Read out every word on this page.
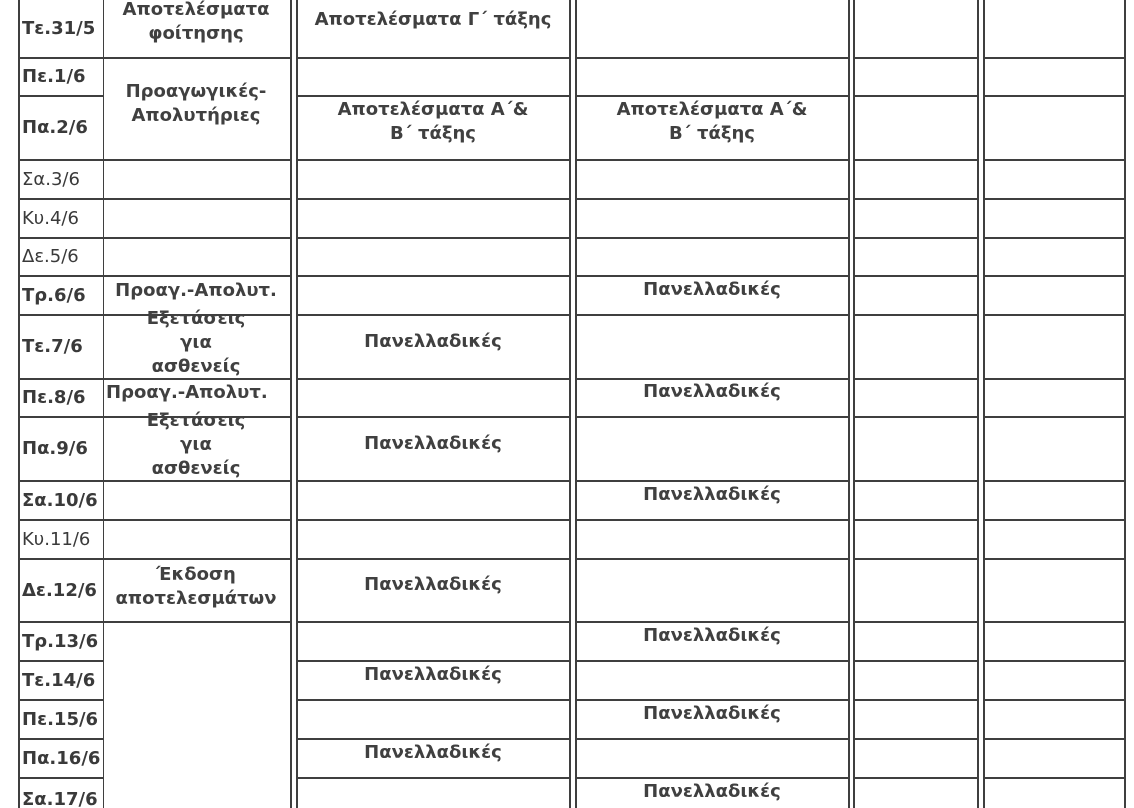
Τε.31/5
Πε.1/6
Πα.2/6
Σα.3/6
Κυ.4/6
Δε.5/6
Τρ.6/6
Τε.7/6
Πε.8/6
Πα.9/6
Σα.10/6
Κυ.11/6
Δε.12/6
Τρ.13/6
Τε.14/6
Πε.15/6
Πα.16/6
Σα.17/6
Αποτελέσματα φοίτησης
Προαγωγικές-Απολυτήριες
Προαγ.-Απολυτ.
Εξετάσεις για ασθενείς
Προαγ.-Απολυτ.
Εξετάσεις για ασθενείς
Έκδοση αποτελεσμάτων
Αποτελέσματα Γ΄ τάξης
Αποτελέσματα Α΄& Β΄ τάξης
Πανελλαδικές
Πανελλαδικές
Πανελλαδικές
Πανελλαδικές
Πανελλαδικές
Αποτελέσματα Α΄& Β΄ τάξης
Πανελλαδικές
Πανελλαδικές
Πανελλαδικές
Πανελλαδικές
Πανελλαδικές
Πανελλαδικές
